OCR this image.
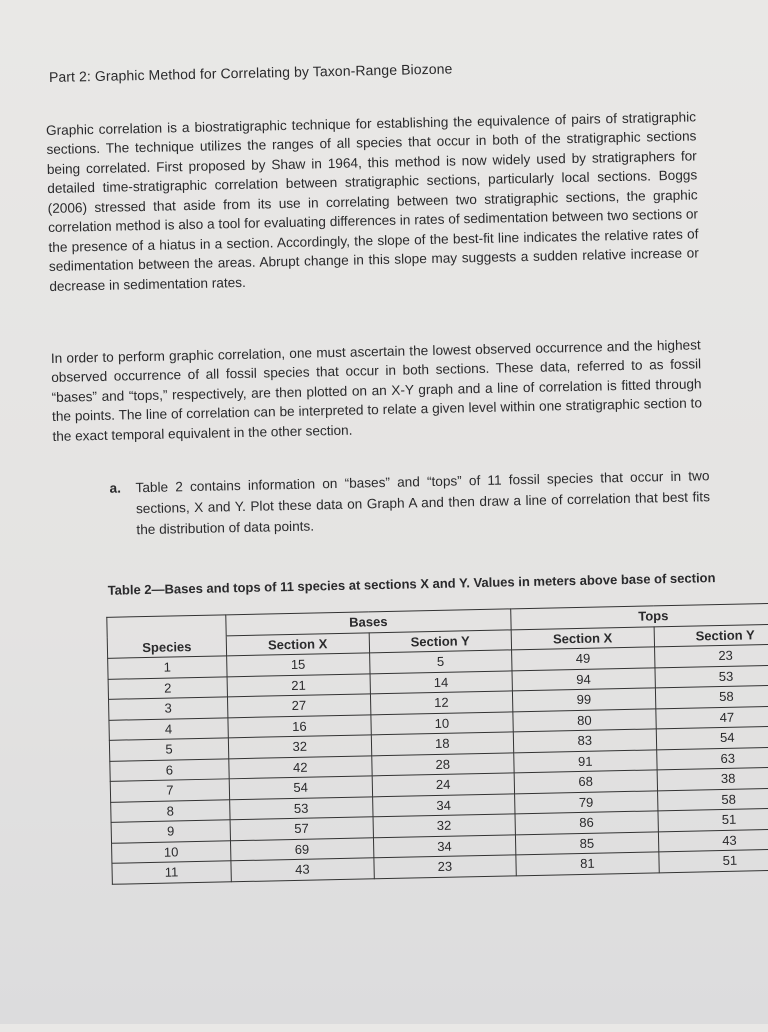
Part 2: Graphic Method for Correlating by Taxon-Range Biozone

Graphic correlation is a biostratigraphic technique for establishing the equivalence of pairs of stratigraphic sections. The technique utilizes the ranges of all species that occur in both of the stratigraphic sections being correlated. First proposed by Shaw in 1964, this method is now widely used by stratigraphers for detailed time-stratigraphic correlation between stratigraphic sections, particularly local sections. Boggs (2006) stressed that aside from its use in correlating between two stratigraphic sections, the graphic correlation method is also a tool for evaluating differences in rates of sedimentation between two sections or the presence of a hiatus in a section. Accordingly, the slope of the best-fit line indicates the relative rates of sedimentation between the areas. Abrupt change in this slope may suggests a sudden relative increase or decrease in sedimentation rates.

In order to perform graphic correlation, one must ascertain the lowest observed occurrence and the highest observed occurrence of all fossil species that occur in both sections. These data, referred to as fossil “bases” and “tops,” respectively, are then plotted on an X-Y graph and a line of correlation is fitted through the points. The line of correlation can be interpreted to relate a given level within one stratigraphic section to the exact temporal equivalent in the other section.

a. Table 2 contains information on “bases” and “tops” of 11 fossil species that occur in two sections, X and Y. Plot these data on Graph A and then draw a line of correlation that best fits the distribution of data points.
Table 2—Bases and tops of 11 species at sections X and Y. Values in meters above base of section
	Bases		Tops	
Species	Section X	Section Y	Section X	Section Y
1	15	5	49	23
2	21	14	94	53
3	27	12	99	58
4	16	10	80	47
5	32	18	83	54
6	42	28	91	63
7	54	24	68	38
8	53	34	79	58
9	57	32	86	51
10	69	34	85	43
11	43	23	81	51
